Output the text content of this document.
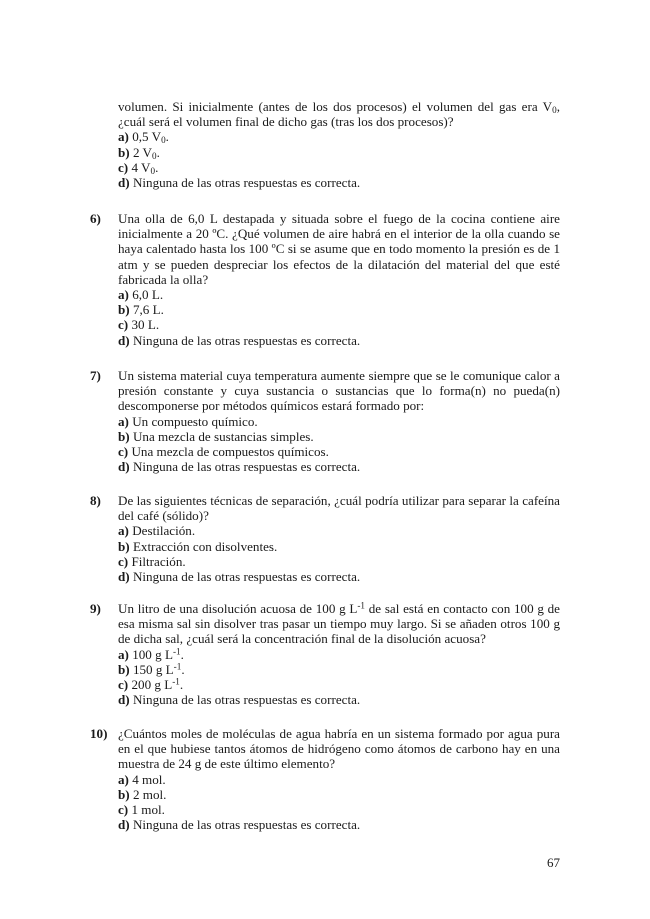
volumen. Si inicialmente (antes de los dos procesos) el volumen del gas era $V_0$, ¿cuál será el volumen final de dicho gas (tras los dos procesos)?
a) 0,5 $V_0$.
b) 2 $V_0$.
c) 4 $V_0$.
d) Ninguna de las otras respuestas es correcta.
6) Una olla de 6,0 L destapada y situada sobre el fuego de la cocina contiene aire inicialmente a 20 ºC. ¿Qué volumen de aire habrá en el interior de la olla cuando se haya calentado hasta los 100 ºC si se asume que en todo momento la presión es de 1 atm y se pueden despreciar los efectos de la dilatación del material del que esté fabricada la olla?
a) 6,0 L.
b) 7,6 L.
c) 30 L.
d) Ninguna de las otras respuestas es correcta.
7) Un sistema material cuya temperatura aumente siempre que se le comunique calor a presión constante y cuya sustancia o sustancias que lo forma(n) no pueda(n) descomponerse por métodos químicos estará formado por:
a) Un compuesto químico.
b) Una mezcla de sustancias simples.
c) Una mezcla de compuestos químicos.
d) Ninguna de las otras respuestas es correcta.
8) De las siguientes técnicas de separación, ¿cuál podría utilizar para separar la cafeína del café (sólido)?
a) Destilación.
b) Extracción con disolventes.
c) Filtración.
d) Ninguna de las otras respuestas es correcta.
9) Un litro de una disolución acuosa de 100 g $L^{-1}$ de sal está en contacto con 100 g de esa misma sal sin disolver tras pasar un tiempo muy largo. Si se añaden otros 100 g de dicha sal, ¿cuál será la concentración final de la disolución acuosa?
a) 100 g $L^{-1}$.
b) 150 g $L^{-1}$.
c) 200 g $L^{-1}$.
d) Ninguna de las otras respuestas es correcta.
10) ¿Cuántos moles de moléculas de agua habría en un sistema formado por agua pura en el que hubiese tantos átomos de hidrógeno como átomos de carbono hay en una muestra de 24 g de este último elemento?
a) 4 mol.
b) 2 mol.
c) 1 mol.
d) Ninguna de las otras respuestas es correcta.
67
